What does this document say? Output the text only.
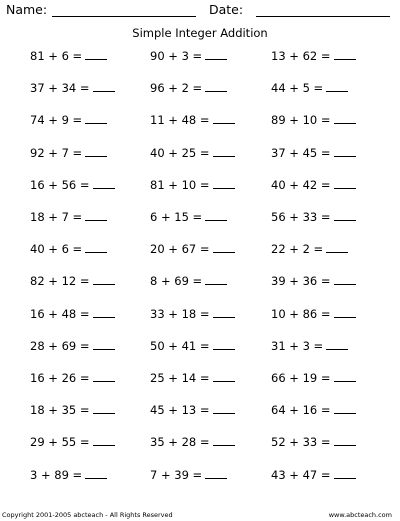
Name:	Date:
Simple Integer Addition
81 + 6 =	90 + 3 =	13 + 62 =
37 + 34 =	96 + 2 =	44 + 5 =
74 + 9 =	11 + 48 =	89 + 10 =
92 + 7 =	40 + 25 =	37 + 45 =
16 + 56 =	81 + 10 =	40 + 42 =
18 + 7 =	6 + 15 =	56 + 33 =
40 + 6 =	20 + 67 =	22 + 2 =
82 + 12 =	8 + 69 =	39 + 36 =
16 + 48 =	33 + 18 =	10 + 86 =
28 + 69 =	50 + 41 =	31 + 3 =
16 + 26 =	25 + 14 =	66 + 19 =
18 + 35 =	45 + 13 =	64 + 16 =
29 + 55 =	35 + 28 =	52 + 33 =
3 + 89 =	7 + 39 =	43 + 47 =
Copyright 2001-2005 abcteach - All Rights Reserved	www.abcteach.com
